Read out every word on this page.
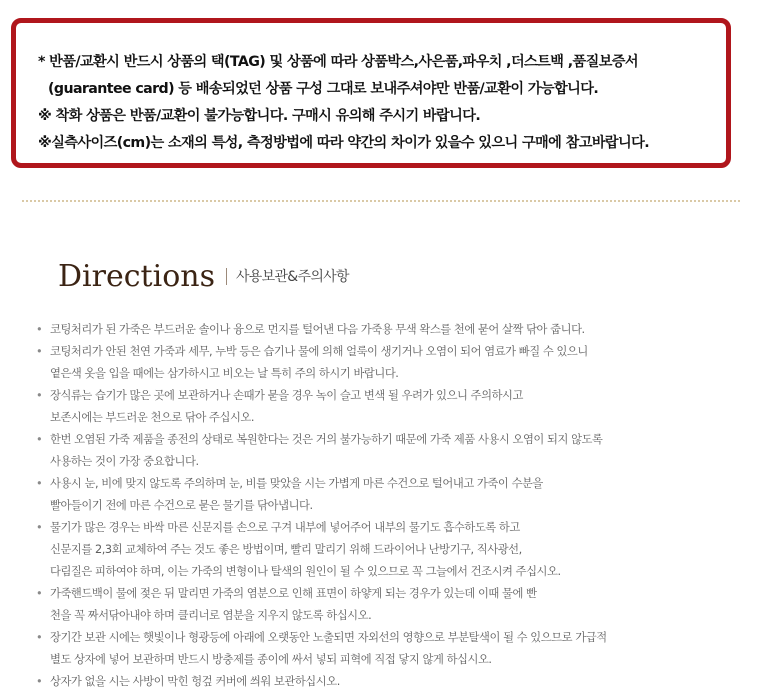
* 반품/교환시 반드시 상품의 택(TAG) 및 상품에 따라 상품박스,사은품,파우치 ,더스트백 ,품질보증서
(guarantee card) 등 배송되었던 상품 구성 그대로 보내주셔야만 반품/교환이 가능합니다.
※ 착화 상품은 반품/교환이 불가능합니다. 구매시 유의해 주시기 바랍니다.
※실측사이즈(cm)는 소재의 특성, 측정방법에 따라 약간의 차이가 있을수 있으니 구매에 참고바랍니다.
Directions 사용보관&주의사항
• 코팅처리가 된 가죽은 부드러운 솔이나 융으로 먼지를 털어낸 다음 가죽용 무색 왁스를 천에 묻어 살짝 닦아 줍니다.
• 코팅처리가 안된 천연 가죽과 세무, 누박 등은 습기나 물에 의해 얼룩이 생기거나 오염이 되어 염료가 빠질 수 있으니
옅은색 옷을 입을 때에는 삼가하시고 비오는 날 특히 주의 하시기 바랍니다.
• 장식류는 습기가 많은 곳에 보관하거나 손때가 묻을 경우 녹이 슬고 변색 될 우려가 있으니 주의하시고
보존시에는 부드러운 천으로 닦아 주십시오.
• 한번 오염된 가죽 제품을 종전의 상태로 복원한다는 것은 거의 불가능하기 때문에 가죽 제품 사용시 오염이 되지 않도록
사용하는 것이 가장 중요합니다.
• 사용시 눈, 비에 맞지 않도록 주의하며 눈, 비를 맞았을 시는 가볍게 마른 수건으로 털어내고 가죽이 수분을
빨아들이기 전에 마른 수건으로 묻은 물기를 닦아냅니다.
• 물기가 많은 경우는 바싹 마른 신문지를 손으로 구겨 내부에 넣어주어 내부의 물기도 흡수하도록 하고
신문지를 2,3회 교체하여 주는 것도 좋은 방법이며, 빨리 말리기 위해 드라이어나 난방기구, 직사광선,
다림질은 피하여야 하며, 이는 가죽의 변형이나 탈색의 원인이 될 수 있으므로 꼭 그늘에서 건조시켜 주십시오.
• 가죽핸드백이 물에 젖은 뒤 말리면 가죽의 염분으로 인해 표면이 하얗게 되는 경우가 있는데 이때 물에 빤
천을 꼭 짜서닦아내야 하며 클리너로 염분을 지우지 않도록 하십시오.
• 장기간 보관 시에는 햇빛이나 형광등에 아래에 오랫동안 노출되면 자외선의 영향으로 부분탈색이 될 수 있으므로 가급적
별도 상자에 넣어 보관하며 반드시 방충제를 종이에 싸서 넣되 피혁에 직접 닿지 않게 하십시오.
• 상자가 없을 시는 사방이 막힌 헝겊 커버에 씌워 보관하십시오.
